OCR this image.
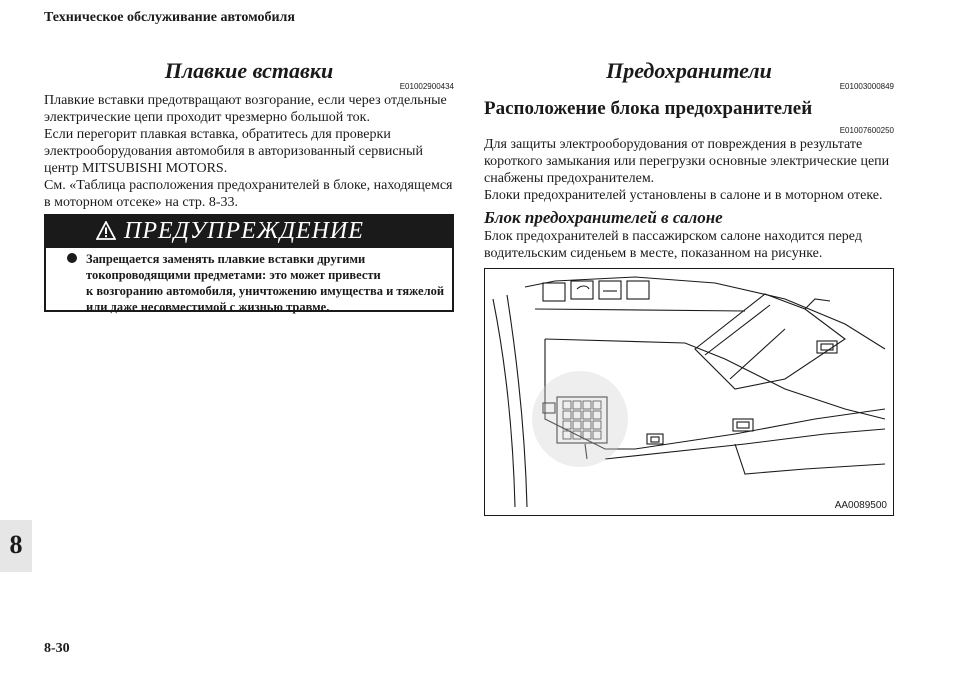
Техническое обслуживание автомобиля
Плавкие вставки
E01002900434
Плавкие вставки предотвращают возгорание, если через отдельные
электрические цепи проходит чрезмерно большой ток.
Если перегорит плавкая вставка, обратитесь для проверки
электрооборудования автомобиля в авторизованный сервисный
центр MITSUBISHI MOTORS.
См. «Таблица расположения предохранителей в блоке, находящемся
в моторном отсеке» на стр. 8-33.
ПРЕДУПРЕЖДЕНИЕ
Запрещается заменять плавкие вставки другими
токопроводящими предметами: это может привести
к возгоранию автомобиля, уничтожению имущества и тяжелой
или даже несовместимой с жизнью травме.
Предохранители
E01003000849
Расположение блока предохранителей
E01007600250
Для защиты электрооборудования от повреждения в результате
короткого замыкания или перегрузки основные электрические цепи
снабжены предохранителем.
Блоки предохранителей установлены в салоне и в моторном отеке.
Блок предохранителей в салоне
Блок предохранителей в пассажирском салоне находится перед
водительским сиденьем в месте, показанном на рисунке.
AA0089500
8
8-30
